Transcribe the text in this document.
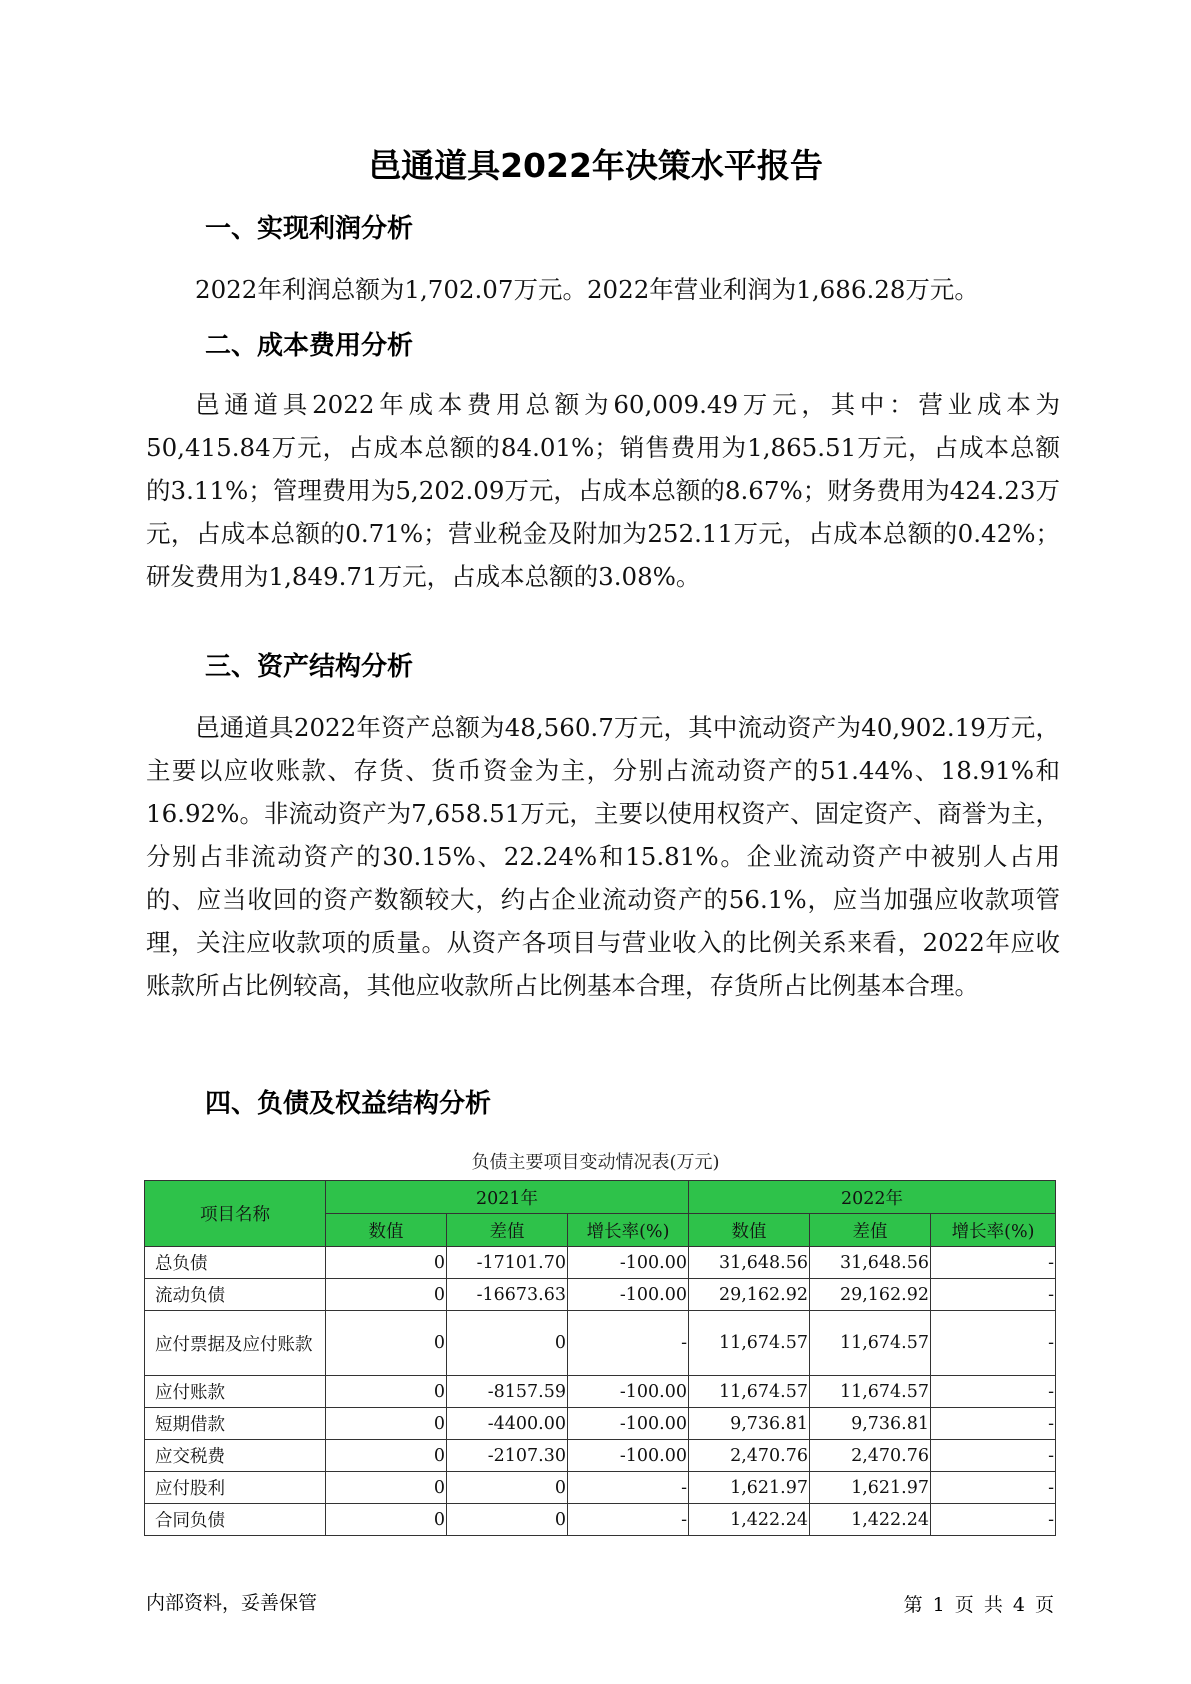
邑通道具2022年决策水平报告
一、实现利润分析

2022年利润总额为1,702.07万元。2022年营业利润为1,686.28万元。

二、成本费用分析

邑通道具2022年成本费用总额为60,009.49万元，其中：营业成本为50,415.84万元，占成本总额的84.01%；销售费用为1,865.51万元，占成本总额的3.11%；管理费用为5,202.09万元，占成本总额的8.67%；财务费用为424.23万元，占成本总额的0.71%；营业税金及附加为252.11万元，占成本总额的0.42%；研发费用为1,849.71万元，占成本总额的3.08%。

三、资产结构分析

邑通道具2022年资产总额为48,560.7万元，其中流动资产为40,902.19万元，主要以应收账款、存货、货币资金为主，分别占流动资产的51.44%、18.91%和16.92%。非流动资产为7,658.51万元，主要以使用权资产、固定资产、商誉为主，分别占非流动资产的30.15%、22.24%和15.81%。企业流动资产中被别人占用的、应当收回的资产数额较大，约占企业流动资产的56.1%，应当加强应收款项管理，关注应收款项的质量。从资产各项目与营业收入的比例关系来看，2022年应收账款所占比例较高，其他应收款所占比例基本合理，存货所占比例基本合理。

四、负债及权益结构分析

负债主要项目变动情况表(万元)

项目名称	2021年			2022年		
	数值	差值	增长率(%)	数值	差值	增长率(%)
总负债	0	-17101.70	-100.00	31,648.56	31,648.56	-
流动负债	0	-16673.63	-100.00	29,162.92	29,162.92	-
应付票据及应付账款	0	0	-	11,674.57	11,674.57	-
应付账款	0	-8157.59	-100.00	11,674.57	11,674.57	-
短期借款	0	-4400.00	-100.00	9,736.81	9,736.81	-
应交税费	0	-2107.30	-100.00	2,470.76	2,470.76	-
应付股利	0	0	-	1,621.97	1,621.97	-
合同负债	0	0	-	1,422.24	1,422.24	-

内部资料，妥善保管	第 1 页 共 4 页
